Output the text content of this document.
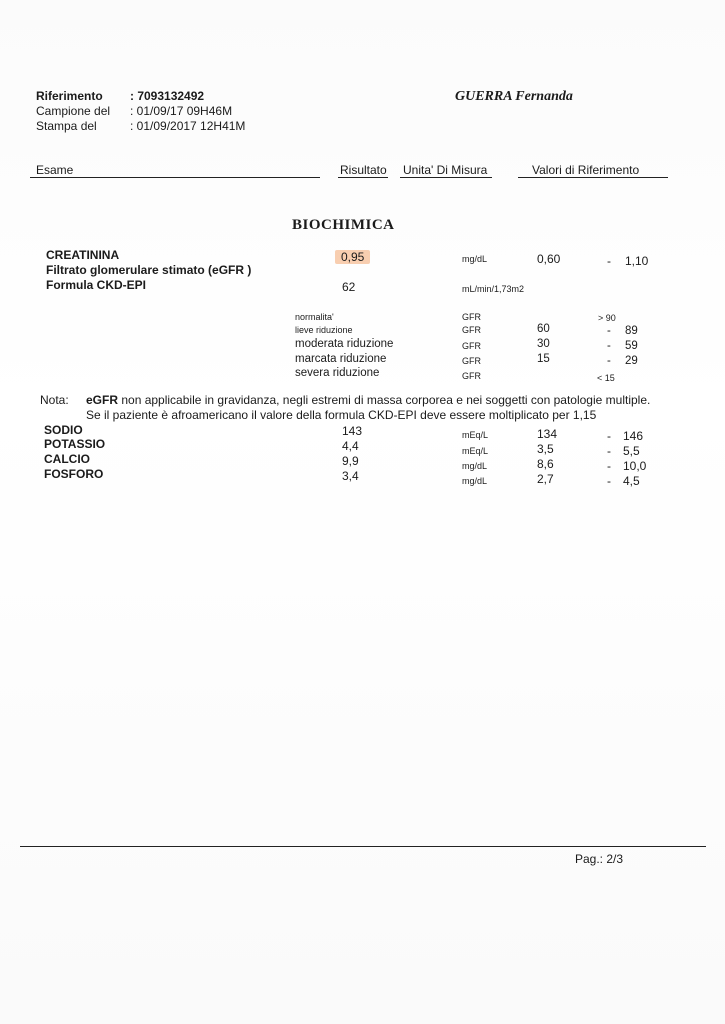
Riferimento : 7093132492
Campione del : 01/09/17 09H46M
Stampa del	: 01/09/2017 12H41M
GUERRA Fernanda
Esame	Risultato Unita' Di Misura	Valori di Riferimento
BIOCHIMICA
CREATININA	0,95	mg/dL	0,60	- 1,10
Filtrato glomerulare stimato (eGFR )
Formula CKD-EPI	62	mL/min/1,73m2
normalita'	GFR	> 90
lieve riduzione	GFR	60	- 89
moderata riduzione	GFR	30	- 59
marcata riduzione	GFR	15	- 29
severa riduzione	GFR	< 15
Nota: eGFR non applicabile in gravidanza, negli estremi di massa corporea e nei soggetti con patologie multiple.
Se il paziente è afroamericano il valore della formula CKD-EPI deve essere moltiplicato per 1,15
SODIO	143	mEq/L	134	- 146
POTASSIO	4,4	mEq/L	3,5	- 5,5
CALCIO	9,9	mg/dL	8,6	- 10,0
FOSFORO	3,4	mg/dL	2,7	- 4,5
Pag.: 2/3
